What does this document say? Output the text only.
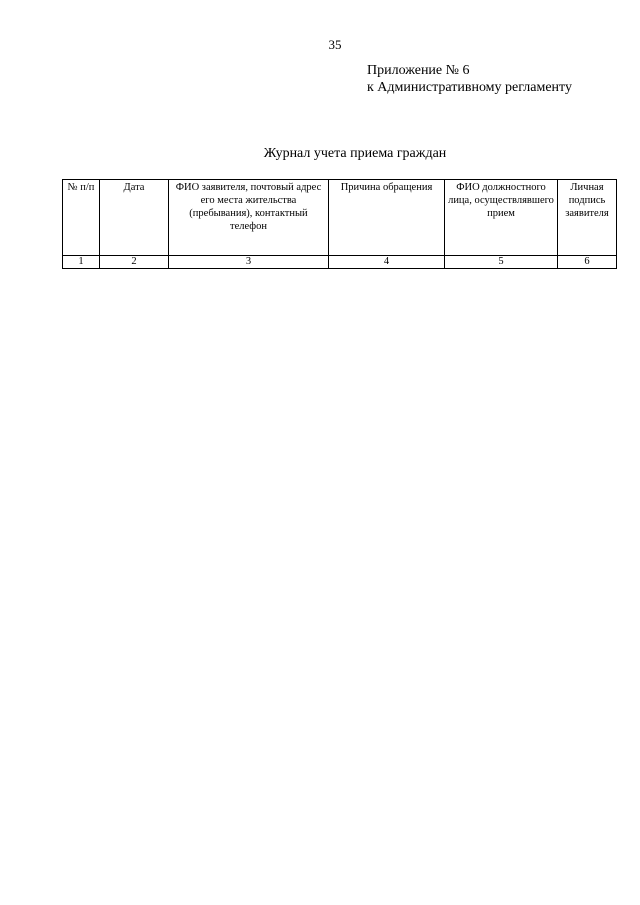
35
Приложение № 6
к Административному регламенту
Журнал учета приема граждан
№ п/п	Дата	ФИО заявителя, почтовый адрес его места жительства (пребывания), контактный телефон	Причина обращения	ФИО должностного лица, осуществлявшего прием	Личная подпись заявителя
1	2	3	4	5	6
